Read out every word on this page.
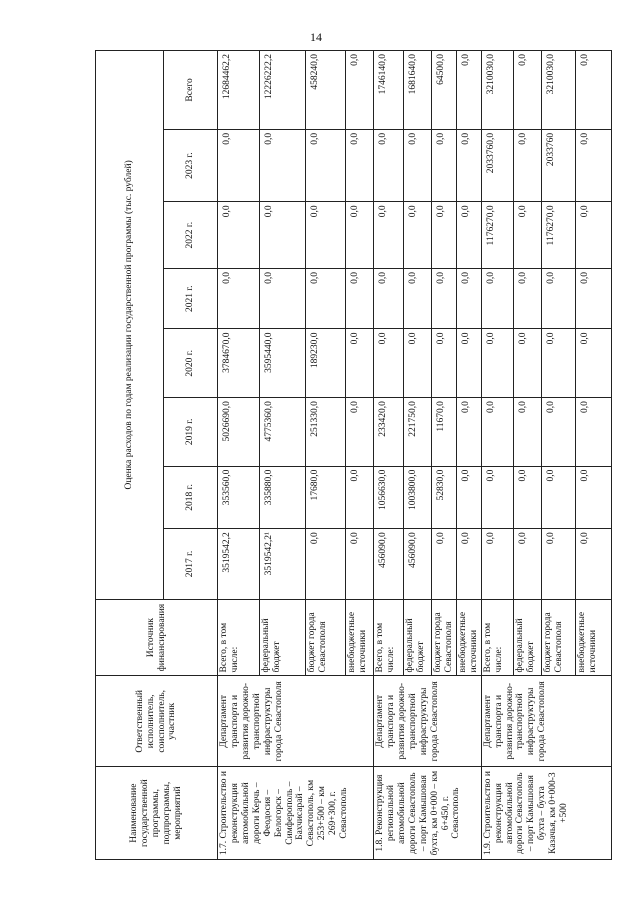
14
Наименование государственной программы, подпрограммы, мероприятий	Ответственный исполнитель, соисполнитель, участник	Источник финансирования	Оценка расходов по годам реализации государственной программы (тыс. рублей)							
			2017 г.	2018 г.	2019 г.	2020 г.	2021 г.	2022 г.	2023 г.	Всего
1.7. Строительство и реконструкция автомобильной дороги Керчь – Феодосия – Белогорск – Симферополь – Бахчисарай – Севастополь, км 253+500 – км 269+300, г. Севастополь	Департамент транспорта и развития дорожно-транспортной инфраструктуры города Севастополя	Всего, в том числе:	3519542,2	353560,0	5026690,0	3784670,0	0,0	0,0	0,0	12684462,2
		федеральный бюджет	3519542,2¹	335880,0	4775360,0	3595440,0	0,0	0,0	0,0	12226222,2
		бюджет города Севастополя	0,0	17680,0	251330,0	189230,0	0,0	0,0	0,0	458240,0
		внебюджетные источники	0,0	0,0	0,0	0,0	0,0	0,0	0,0	0,0
1.8. Реконструкция региональной автомобильной дороги Севастополь – порт Камышовая бухта, км 0+000 – км 6+450, г. Севастополь	Департамент транспорта и развития дорожно-транспортной инфраструктуры города Севастополя	Всего, в том числе:	456090,0	1056630,0	233420,0	0,0	0,0	0,0	0,0	1746140,0
		федеральный бюджет	456090,0	1003800,0	221750,0	0,0	0,0	0,0	0,0	1681640,0
		бюджет города Севастополя	0,0	52830,0	11670,0	0,0	0,0	0,0	0,0	64500,0
		внебюджетные источники	0,0	0,0	0,0	0,0	0,0	0,0	0,0	0,0
1.9. Строительство и реконструкция автомобильной дороги Севастополь – порт Камышовая бухта – бухта Казачья, км 0+000-3 +500	Департамент транспорта и развития дорожно-транспортной инфраструктуры города Севастополя	Всего, в том числе:	0,0	0,0	0,0	0,0	0,0	1176270,0	2033760,0	3210030,0
		федеральный бюджет	0,0	0,0	0,0	0,0	0,0	0,0	0,0	0,0
		бюджет города Севастополя	0,0	0,0	0,0	0,0	0,0	1176270,0	2033760	3210030,0
		внебюджетные источники	0,0	0,0	0,0	0,0	0,0	0,0	0,0	0,0
